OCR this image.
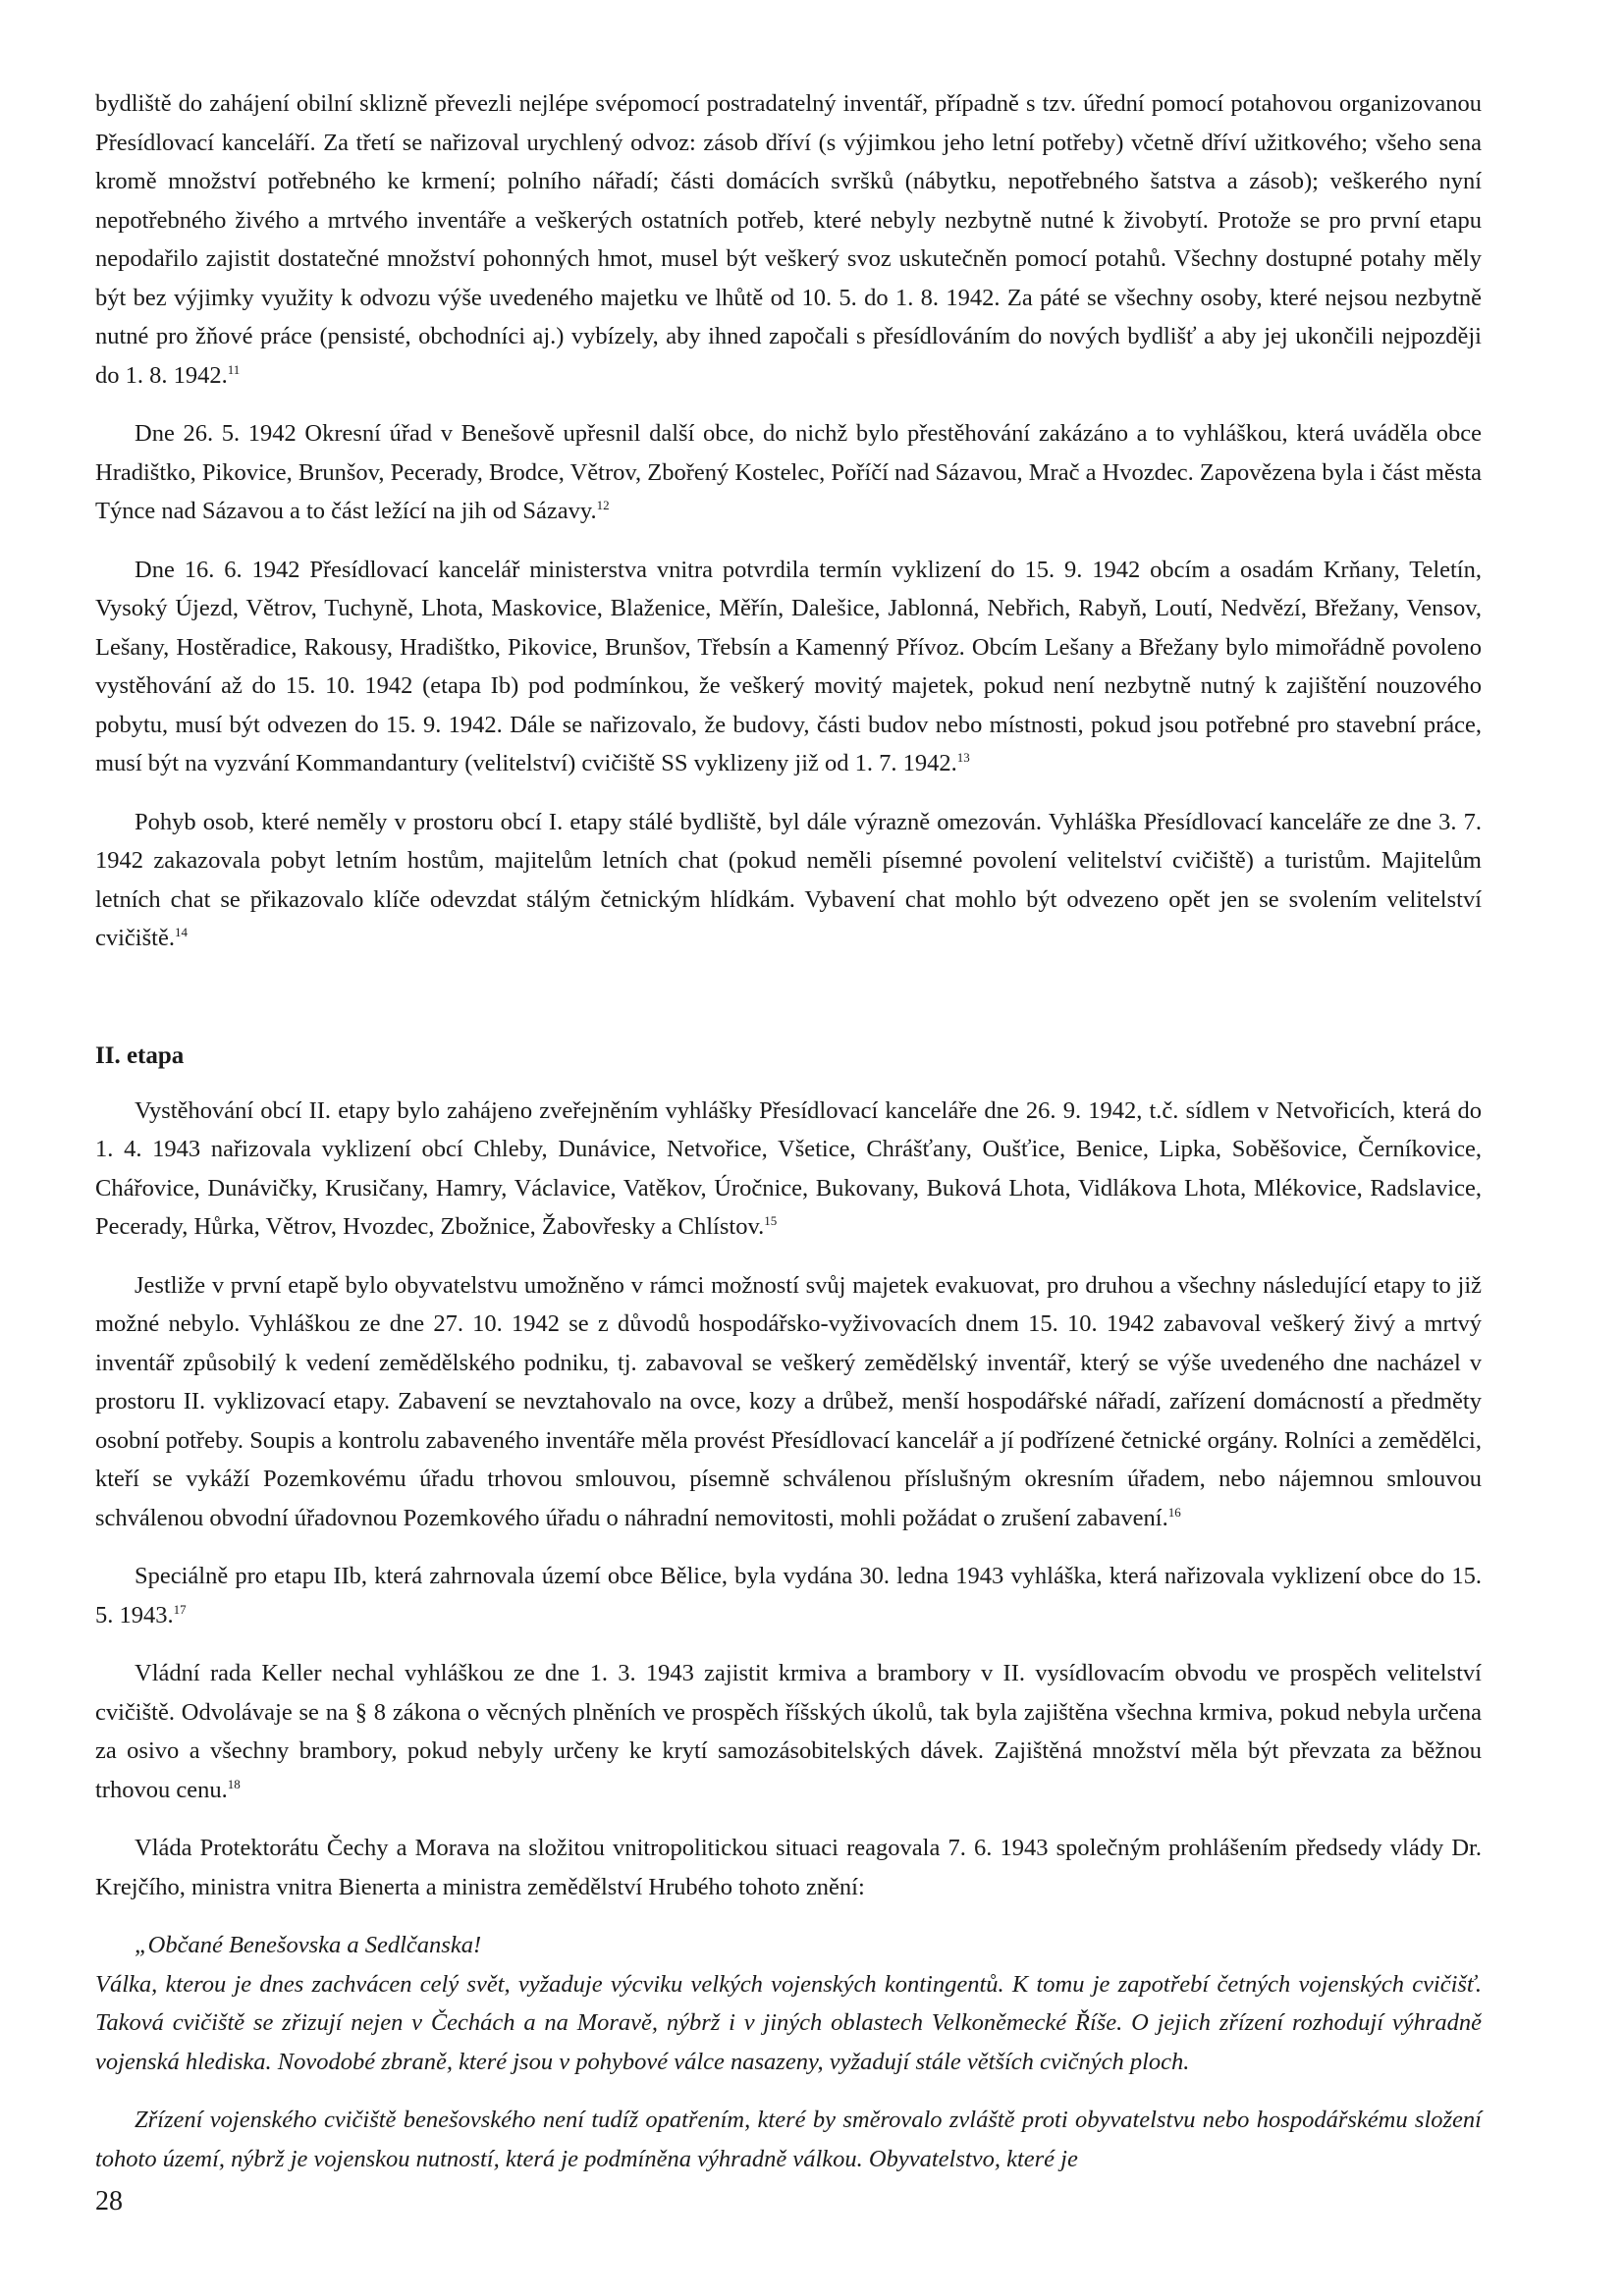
bydliště do zahájení obilní sklizně převezli nejlépe svépomocí postradatelný inventář, případně s tzv. úřední pomocí potahovou organizovanou Přesídlovací kanceláří. Za třetí se nařizoval urychlený odvoz: zásob dříví (s výjimkou jeho letní potřeby) včetně dříví užitkového; všeho sena kromě množství potřebného ke krmení; polního nářadí; části domácích svršků (nábytku, nepotřebného šatstva a zásob); veškerého nyní nepotřebného živého a mrtvého inventáře a veškerých ostatních potřeb, které nebyly nezbytně nutné k živobytí. Protože se pro první etapu nepodařilo zajistit dostatečné množství pohonných hmot, musel být veškerý svoz uskutečněn pomocí potahů. Všechny dostupné potahy měly být bez výjimky využity k odvozu výše uvedeného majetku ve lhůtě od 10. 5. do 1. 8. 1942. Za páté se všechny osoby, které nejsou nezbytně nutné pro žňové práce (pensisté, obchodníci aj.) vybízely, aby ihned započali s přesídlováním do nových bydlišť a aby jej ukončili nejpozději do 1. 8. 1942.11

Dne 26. 5. 1942 Okresní úřad v Benešově upřesnil další obce, do nichž bylo přestěhování zakázáno a to vyhláškou, která uváděla obce Hradištko, Pikovice, Brunšov, Pecerady, Brodce, Větrov, Zbořený Kostelec, Poříčí nad Sázavou, Mrač a Hvozdec. Zapovězena byla i část města Týnce nad Sázavou a to část ležící na jih od Sázavy.$^{12}$

Dne 16. 6. 1942 Přesídlovací kancelář ministerstva vnitra potvrdila termín vyklizení do 15. 9. 1942 obcím a osadám Krňany, Teletín, Vysoký Újezd, Větrov, Tuchyně, Lhota, Maskovice, Blaženice, Měřín, Dalešice, Jablonná, Nebřich, Rabyň, Loutí, Nedvězí, Břežany, Vensov, Lešany, Hostěradice, Rakousy, Hradištko, Pikovice, Brunšov, Třebsín a Kamenný Přívoz. Obcím Lešany a Břežany bylo mimořádně povoleno vystěhování až do 15. 10. 1942 (etapa Ib) pod podmínkou, že veškerý movitý majetek, pokud není nezbytně nutný k zajištění nouzového pobytu, musí být odvezen do 15. 9. 1942. Dále se nařizovalo, že budovy, části budov nebo místnosti, pokud jsou potřebné pro stavební práce, musí být na vyzvání Kommandantury (velitelství) cvičiště SS vyklizeny již od 1. 7. 1942.13

Pohyb osob, které neměly v prostoru obcí I. etapy stálé bydliště, byl dále výrazně omezován. Vyhláška Přesídlovací kanceláře ze dne 3. 7. 1942 zakazovala pobyt letním hostům, majitelům letních chat (pokud neměli písemné povolení velitelství cvičiště) a turistům. Majitelům letních chat se přikazovalo klíče odevzdat stálým četnickým hlídkám. Vybavení chat mohlo být odvezeno opět jen se svolením velitelství cvičiště.$^{14}$

II. etapa

Vystěhování obcí II. etapy bylo zahájeno zveřejněním vyhlášky Přesídlovací kanceláře dne 26. 9. 1942, t.č. sídlem v Netvořicích, která do 1. 4. 1943 nařizovala vyklizení obcí Chleby, Dunávice, Netvořice, Všetice, Chrášťany, Oušťice, Benice, Lipka, Soběšovice, Černíkovice, Chářovice, Dunávičky, Krusičany, Hamry, Václavice, Vatěkov, Úročnice, Bukovany, Buková Lhota, Vidlákova Lhota, Mlékovice, Radslavice, Pecerady, Hůrka, Větrov, Hvozdec, Zbožnice, Žabovřesky a Chlístov.$^{15}$

Jestliže v první etapě bylo obyvatelstvu umožněno v rámci možností svůj majetek evakuovat, pro druhou a všechny následující etapy to již možné nebylo. Vyhláškou ze dne 27. 10. 1942 se z důvodů hospodářsko-vyživovacích dnem 15. 10. 1942 zabavoval veškerý živý a mrtvý inventář způsobilý k vedení zemědělského podniku, tj. zabavoval se veškerý zemědělský inventář, který se výše uvedeného dne nacházel v prostoru II. vyklizovací etapy. Zabavení se nevztahovalo na ovce, kozy a drůbež, menší hospodářské nářadí, zařízení domácností a předměty osobní potřeby. Soupis a kontrolu zabaveného inventáře měla provést Přesídlovací kancelář a jí podřízené četnické orgány. Rolníci a zemědělci, kteří se vykáží Pozemkovému úřadu trhovou smlouvou, písemně schválenou příslušným okresním úřadem, nebo nájemnou smlouvou schválenou obvodní úřadovnou Pozemkového úřadu o náhradní nemovitosti, mohli požádat o zrušení zabavení.$^{16}$

Speciálně pro etapu IIb, která zahrnovala území obce Bělice, byla vydána 30. ledna 1943 vyhláška, která nařizovala vyklizení obce do 15. 5. 1943.17

Vládní rada Keller nechal vyhláškou ze dne 1. 3. 1943 zajistit krmiva a brambory v II. vysídlovacím obvodu ve prospěch velitelství cvičiště. Odvolávaje se na § 8 zákona o věcných plněních ve prospěch říšských úkolů, tak byla zajištěna všechna krmiva, pokud nebyla určena za osivo a všechny brambory, pokud nebyly určeny ke krytí samozásobitelských dávek. Zajištěná množství měla být převzata za běžnou trhovou cenu.$^{18}$

Vláda Protektorátu Čechy a Morava na složitou vnitropolitickou situaci reagovala 7. 6. 1943 společným prohlášením předsedy vlády Dr. Krejčího, ministra vnitra Bienerta a ministra zemědělství Hrubého tohoto znění:

„Občané Benešovska a Sedlčanska!

Válka, kterou je dnes zachvácen celý svět, vyžaduje výcviku velkých vojenských kontingentů. K tomu je zapotřebí četných vojenských cvičišť. Taková cvičiště se zřizují nejen v Čechách a na Moravě, nýbrž i v jiných oblastech Velkoněmecké Říše. O jejich zřízení rozhodují výhradně vojenská hlediska. Novodobé zbraně, které jsou v pohybové válce nasazeny, vyžadují stále větších cvičných ploch.

Zřízení vojenského cvičiště benešovského není tudíž opatřením, které by směrovalo zvláště proti obyvatelstvu nebo hospodářskému složení tohoto území, nýbrž je vojenskou nutností, která je podmíněna výhradně válkou. Obyvatelstvo, které je

28
